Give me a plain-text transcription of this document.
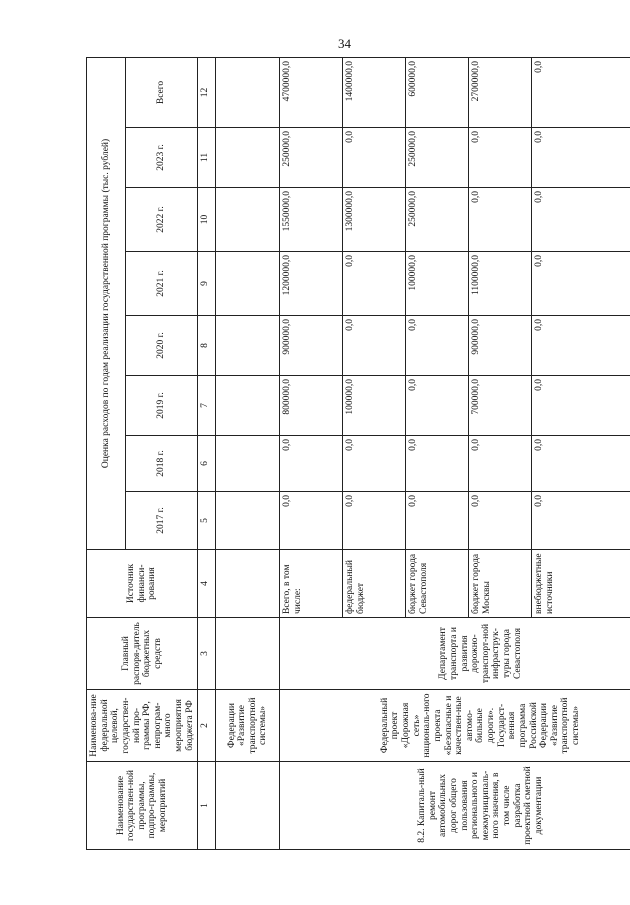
34
Наименование государствен-ной программы, подпро-граммы, мероприятий	Наименова-ние федеральной целевой, государствен-ной про-граммы РФ, непрограм-много мероприятия бюджета РФ	Главный распоря-дитель бюджетных средств	Источник финанси-рования	Оценка расходов по годам реализации государственной программы (тыс. рублей)							
				2017 г.	2018 г.	2019 г.	2020 г.	2021 г.	2022 г.	2023 г.	Всего
1	2	3	4	5	6	7	8	9	10	11	12
	Федерации «Развитие транспортной системы»										
8.2. Капиталь-ный ремонт автомобильных дорог общего пользования регионального и межмуниципаль-ного значения, в том числе разработка проектной сметной документации	Федеральный проект «Дорожная сеть» националь-ного проекта «Безопасные и качествен-ные автомо-бильные дороги». Государст-венная программа Российской Федерации «Развитие транспортной системы»	Департамент транспорта и развития дорожно-транспорт-ной инфраструк-туры города Севастополя	Всего, в том числе:	0,0	0,0	800000,0	900000,0	1200000,0	1550000,0	250000,0	4700000,0
			федеральный бюджет	0,0	0,0	100000,0	0,0	0,0	1300000,0	0,0	1400000,0
			бюджет города Севастополя	0,0	0,0	0,0	0,0	100000,0	250000,0	250000,0	600000,0
			бюджет города Москвы	0,0	0,0	700000,0	900000,0	1100000,0	0,0	0,0	2700000,0
			внебюджетные источники	0,0	0,0	0,0	0,0	0,0	0,0	0,0	0,0
